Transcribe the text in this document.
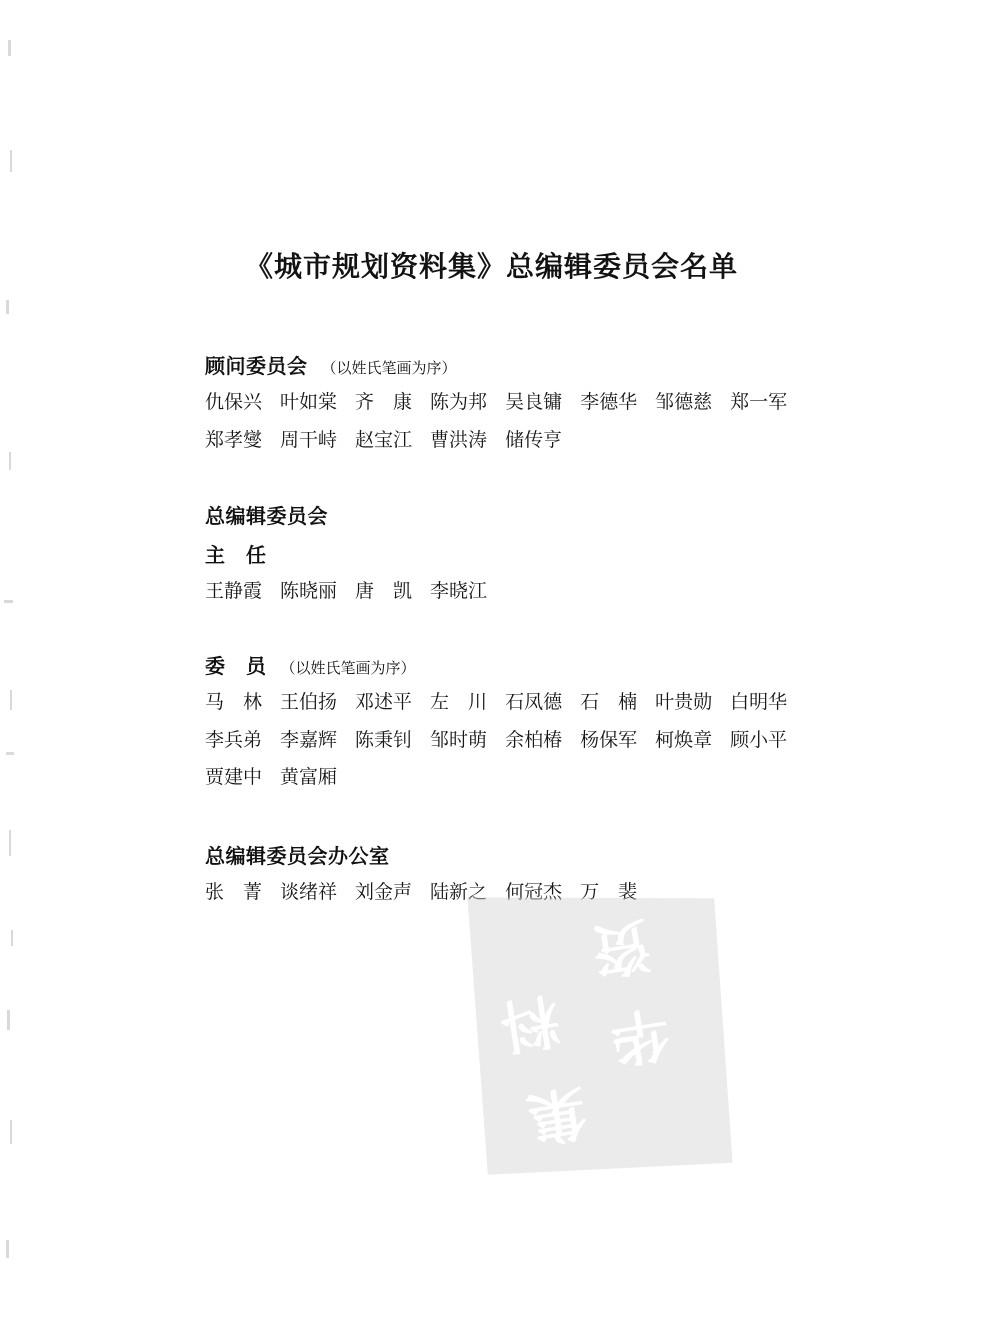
《城市规划资料集》总编辑委员会名单
顾问委员会 （以姓氏笔画为序）
仇保兴 叶如棠 齐　康 陈为邦 吴良镛 李德华 邹德慈 郑一军
郑孝燮 周干峙 赵宝江 曹洪涛 储传亨
总编辑委员会
主　任
王静霞 陈晓丽 唐　凯 李晓江
委　员 （以姓氏笔画为序）
马　林 王伯扬 邓述平 左　川 石凤德 石　楠 叶贵勋 白明华
李兵弟 李嘉辉 陈秉钊 邹时萌 余柏椿 杨保军 柯焕章 顾小平
贾建中 黄富厢
总编辑委员会办公室
张　菁 谈绪祥 刘金声 陆新之 何冠杰 万　裴
资
料 华
集
